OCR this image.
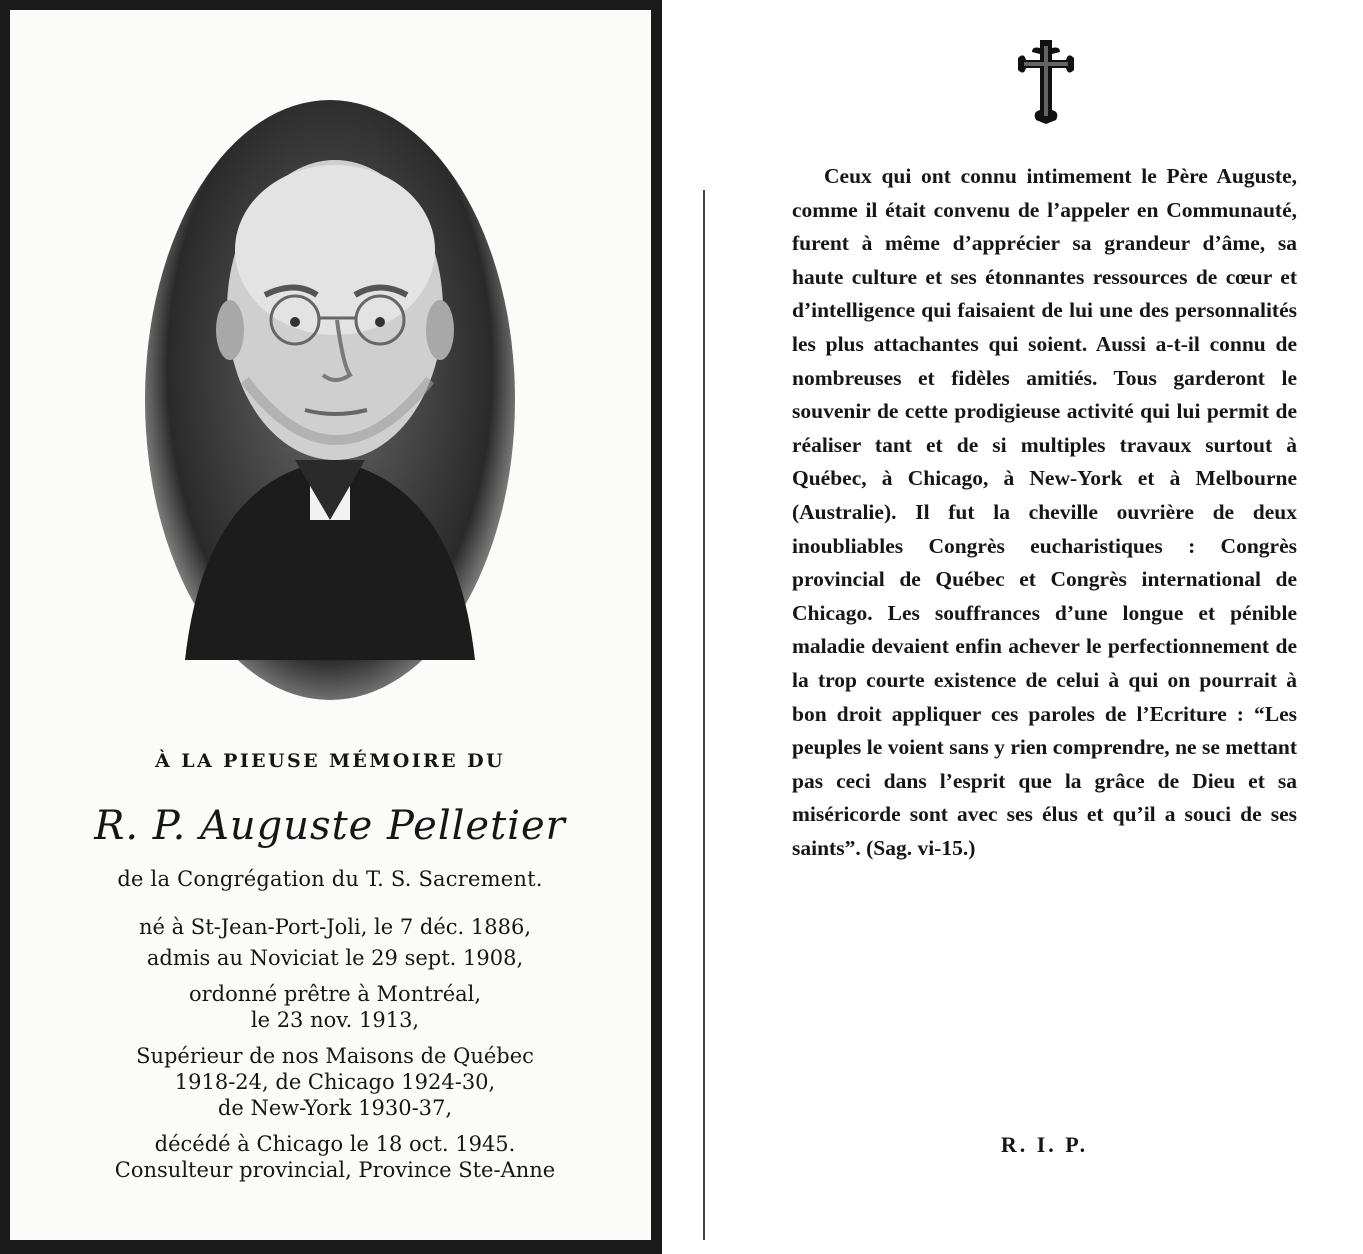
À LA PIEUSE MÉMOIRE DU
R. P. Auguste Pelletier
de la Congrégation du T. S. Sacrement.
né à St-Jean-Port-Joli, le 7 déc. 1886,
admis au Noviciat le 29 sept. 1908,
ordonné prêtre à Montréal,
le 23 nov. 1913,
Supérieur de nos Maisons de Québec
1918-24, de Chicago 1924-30,
de New-York 1930-37,
décédé à Chicago le 18 oct. 1945.
Consulteur provincial, Province Ste-Anne

Ceux qui ont connu intimement le Père Auguste, comme il était convenu de l’appeler en Communauté, furent à même d’apprécier sa grandeur d’âme, sa haute culture et ses étonnantes ressources de cœur et d’intelligence qui faisaient de lui une des personnalités les plus attachantes qui soient. Aussi a-t-il connu de nombreuses et fidèles amitiés. Tous garderont le souvenir de cette prodigieuse activité qui lui permit de réaliser tant et de si multiples travaux surtout à Québec, à Chicago, à New-York et à Melbourne (Australie). Il fut la cheville ouvrière de deux inoubliables Congrès eucharistiques : Congrès provincial de Québec et Congrès international de Chicago. Les souffrances d’une longue et pénible maladie devaient enfin achever le perfectionnement de la trop courte existence de celui à qui on pourrait à bon droit appliquer ces paroles de l’Ecriture : “Les peuples le voient sans y rien comprendre, ne se mettant pas ceci dans l’esprit que la grâce de Dieu et sa miséricorde sont avec ses élus et qu’il a souci de ses saints”. (Sag. vi-15.)

R. I. P.
